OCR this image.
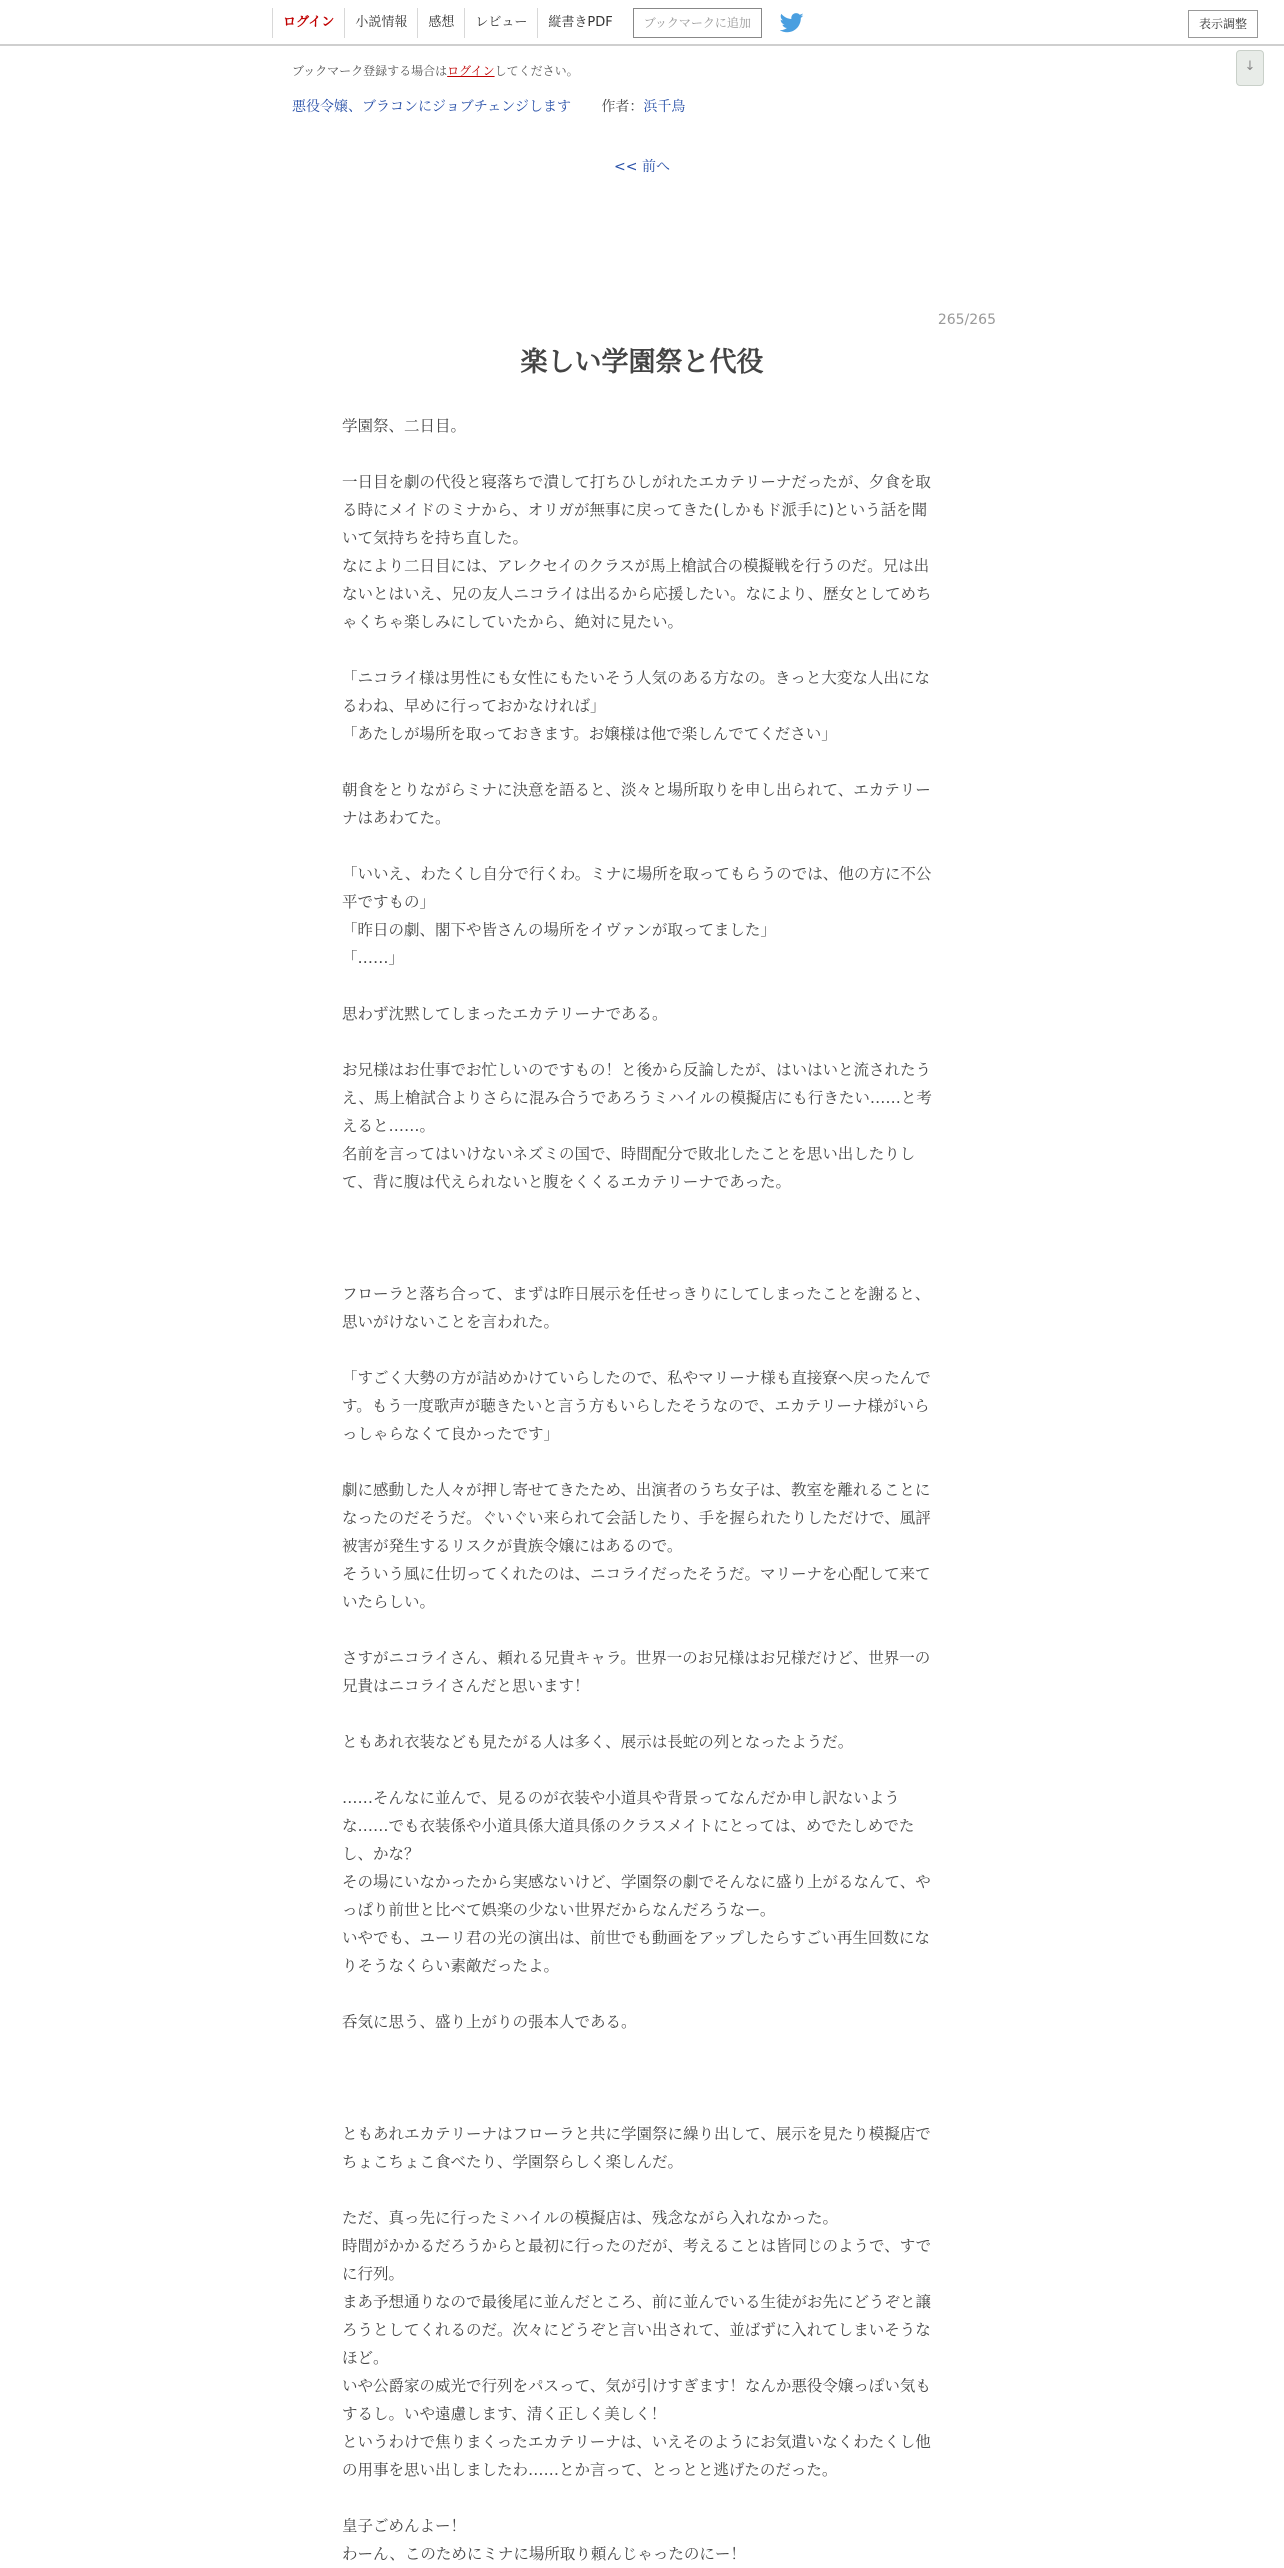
ログイン	小説情報	感想	レビュー	縦書きPDF	ブックマークに追加	表示調整
↓
ブックマーク登録する場合はログインしてください。
悪役令嬢、ブラコンにジョブチェンジします 作者：浜千鳥
<< 前へ
265/265
楽しい学園祭と代役
学園祭、二日目。
一日目を劇の代役と寝落ちで潰して打ちひしがれたエカテリーナだったが、夕食を取る時にメイドのミナから、オリガが無事に戻ってきた(しかもド派手に)という話を聞いて気持ちを持ち直した。
なにより二日目には、アレクセイのクラスが馬上槍試合の模擬戦を行うのだ。兄は出ないとはいえ、兄の友人ニコライは出るから応援したい。なにより、歴女としてめちゃくちゃ楽しみにしていたから、絶対に見たい。
「ニコライ様は男性にも女性にもたいそう人気のある方なの。きっと大変な人出になるわね、早めに行っておかなければ」
「あたしが場所を取っておきます。お嬢様は他で楽しんでてください」
朝食をとりながらミナに決意を語ると、淡々と場所取りを申し出られて、エカテリーナはあわてた。
「いいえ、わたくし自分で行くわ。ミナに場所を取ってもらうのでは、他の方に不公平ですもの」
「昨日の劇、閣下や皆さんの場所をイヴァンが取ってました」
「……」
思わず沈黙してしまったエカテリーナである。
お兄様はお仕事でお忙しいのですもの！と後から反論したが、はいはいと流されたうえ、馬上槍試合よりさらに混み合うであろうミハイルの模擬店にも行きたい……と考えると……。
名前を言ってはいけないネズミの国で、時間配分で敗北したことを思い出したりして、背に腹は代えられないと腹をくくるエカテリーナであった。
フローラと落ち合って、まずは昨日展示を任せっきりにしてしまったことを謝ると、思いがけないことを言われた。
「すごく大勢の方が詰めかけていらしたので、私やマリーナ様も直接寮へ戻ったんです。もう一度歌声が聴きたいと言う方もいらしたそうなので、エカテリーナ様がいらっしゃらなくて良かったです」
劇に感動した人々が押し寄せてきたため、出演者のうち女子は、教室を離れることになったのだそうだ。ぐいぐい来られて会話したり、手を握られたりしただけで、風評被害が発生するリスクが貴族令嬢にはあるので。
そういう風に仕切ってくれたのは、ニコライだったそうだ。マリーナを心配して来ていたらしい。
さすがニコライさん、頼れる兄貴キャラ。世界一のお兄様はお兄様だけど、世界一の兄貴はニコライさんだと思います！
ともあれ衣装なども見たがる人は多く、展示は長蛇の列となったようだ。
……そんなに並んで、見るのが衣装や小道具や背景ってなんだか申し訳ないような……でも衣装係や小道具係大道具係のクラスメイトにとっては、めでたしめでたし、かな？
その場にいなかったから実感ないけど、学園祭の劇でそんなに盛り上がるなんて、やっぱり前世と比べて娯楽の少ない世界だからなんだろうなー。
いやでも、ユーリ君の光の演出は、前世でも動画をアップしたらすごい再生回数になりそうなくらい素敵だったよ。
呑気に思う、盛り上がりの張本人である。
ともあれエカテリーナはフローラと共に学園祭に繰り出して、展示を見たり模擬店でちょこちょこ食べたり、学園祭らしく楽しんだ。
ただ、真っ先に行ったミハイルの模擬店は、残念ながら入れなかった。
時間がかかるだろうからと最初に行ったのだが、考えることは皆同じのようで、すでに行列。
まあ予想通りなので最後尾に並んだところ、前に並んでいる生徒がお先にどうぞと譲ろうとしてくれるのだ。次々にどうぞと言い出されて、並ばずに入れてしまいそうなほど。
いや公爵家の威光で行列をパスって、気が引けすぎます！なんか悪役令嬢っぽい気もするし。いや遠慮します、清く正しく美しく！
というわけで焦りまくったエカテリーナは、いえそのようにお気遣いなくわたくし他の用事を思い出しましたわ……とか言って、とっとと逃げたのだった。
皇子ごめんよー！
わーん、このためにミナに場所取り頼んじゃったのにー！
